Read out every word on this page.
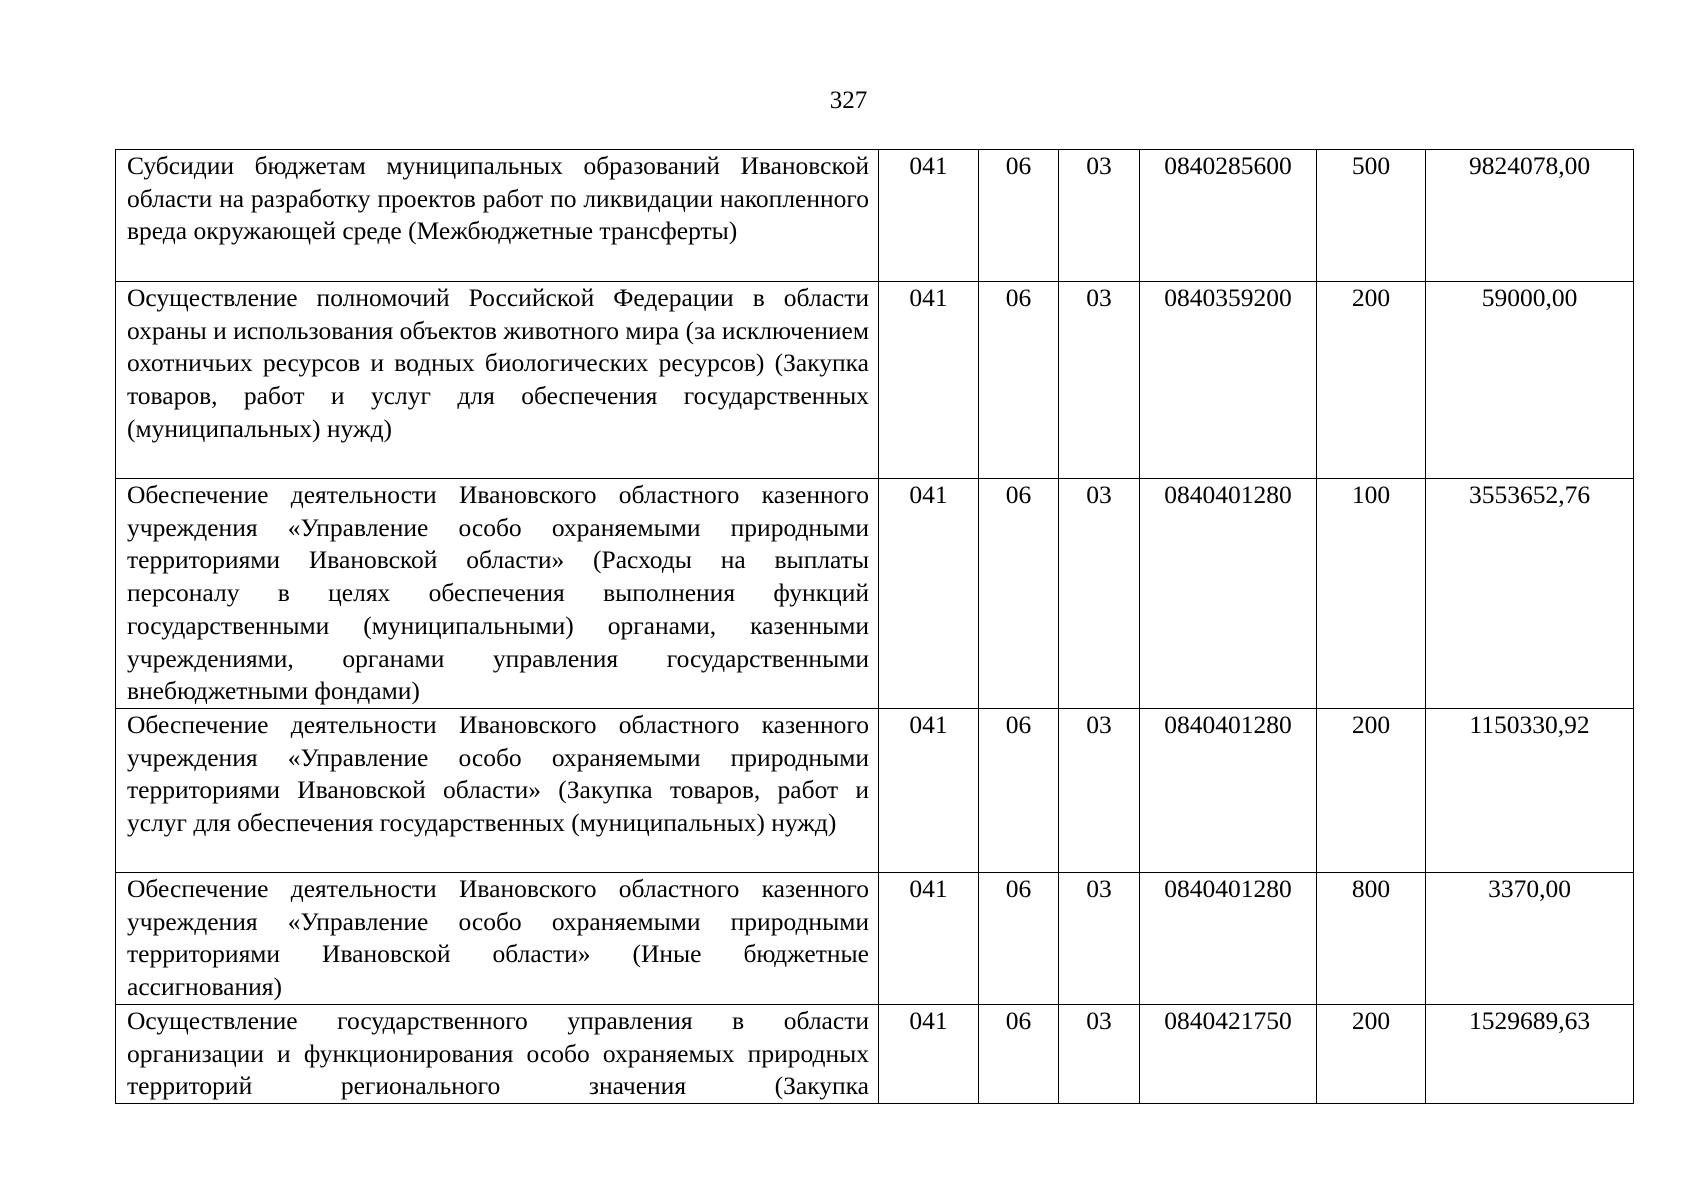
327
Субсидии бюджетам муниципальных образований Ивановской области на разработку проектов работ по ликвидации накопленного вреда окружающей среде (Межбюджетные трансферты)	041	06	03	0840285600	500	9824078,00
Осуществление полномочий Российской Федерации в области охраны и использования объектов животного мира (за исключением охотничьих ресурсов и водных биологических ресурсов) (Закупка товаров, работ и услуг для обеспечения государственных (муниципальных) нужд)	041	06	03	0840359200	200	59000,00
Обеспечение деятельности Ивановского областного казенного учреждения «Управление особо охраняемыми природными территориями Ивановской области» (Расходы на выплаты персоналу в целях обеспечения выполнения функций государственными (муниципальными) органами, казенными учреждениями, органами управления государственными внебюджетными фондами)	041	06	03	0840401280	100	3553652,76
Обеспечение деятельности Ивановского областного казенного учреждения «Управление особо охраняемыми природными территориями Ивановской области» (Закупка товаров, работ и услуг для обеспечения государственных (муниципальных) нужд)	041	06	03	0840401280	200	1150330,92
Обеспечение деятельности Ивановского областного казенного учреждения «Управление особо охраняемыми природными территориями Ивановской области» (Иные бюджетные ассигнования)	041	06	03	0840401280	800	3370,00
Осуществление государственного управления в области организации и функционирования особо охраняемых природных территорий регионального значения (Закупка	041	06	03	0840421750	200	1529689,63
